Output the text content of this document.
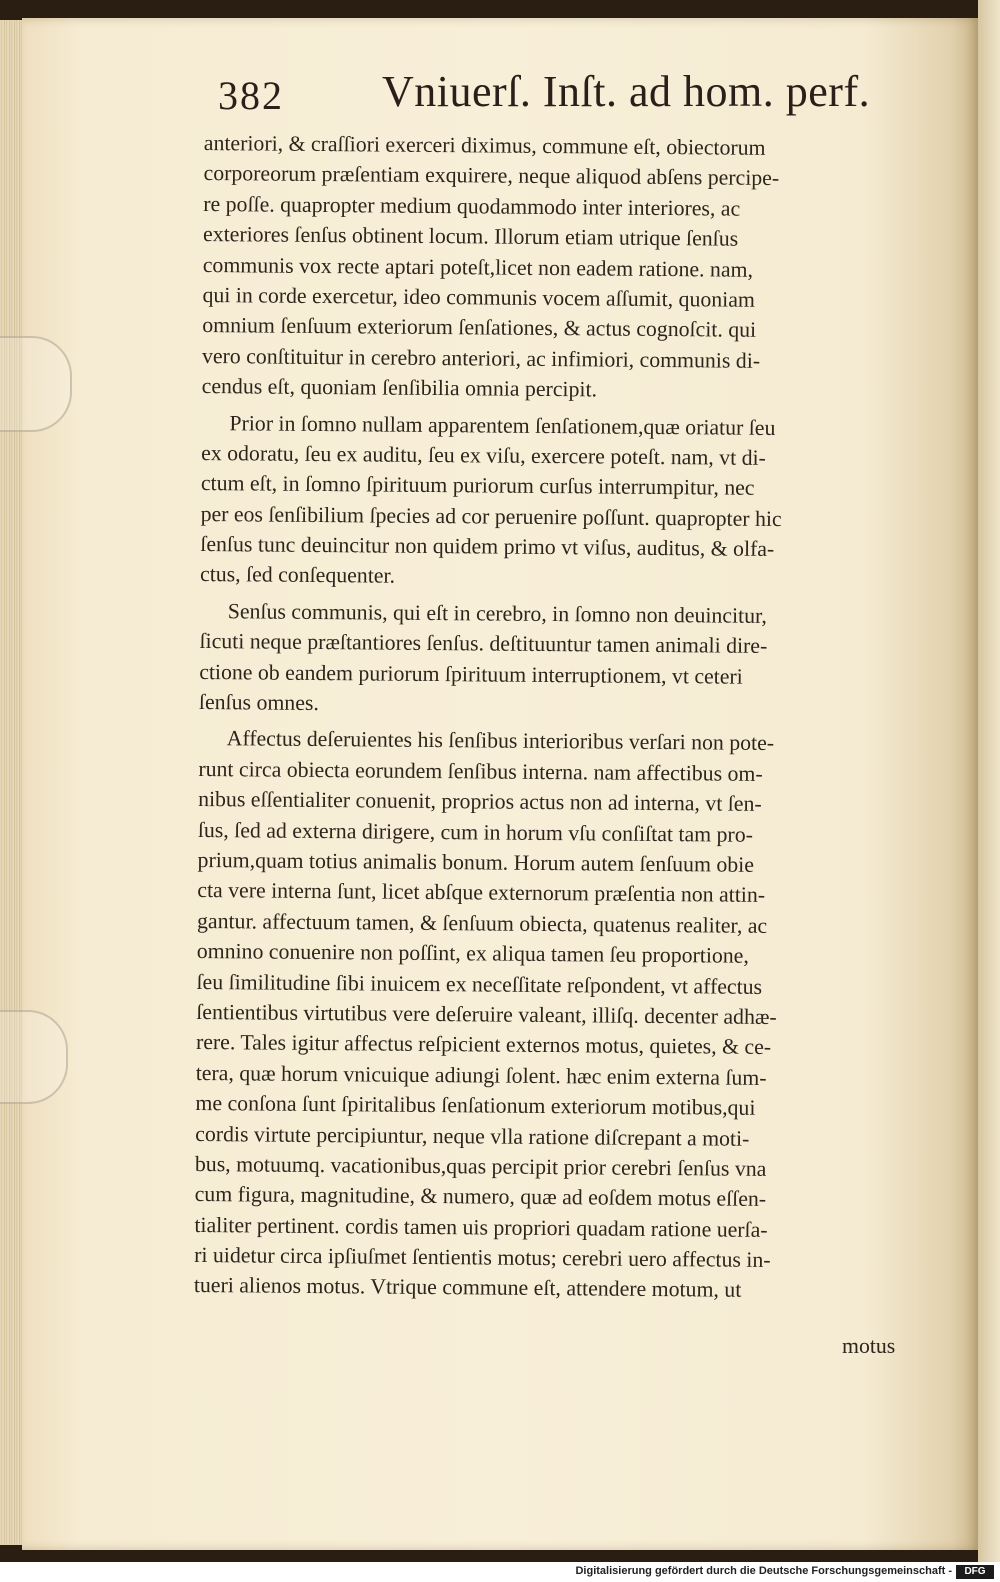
382 Vniuerſ. Inſt. ad hom. perf.
anteriori, & craſſiori exerceri diximus, commune eſt, obiectorum
corporeorum præſentiam exquirere, neque aliquod abſens percipe-
re poſſe. quapropter medium quodammodo inter interiores, ac
exteriores ſenſus obtinent locum. Illorum etiam utrique ſenſus
communis vox recte aptari poteſt,licet non eadem ratione. nam,
qui in corde exercetur, ideo communis vocem aſſumit, quoniam
omnium ſenſuum exteriorum ſenſationes, & actus cognoſcit. qui
vero conſtituitur in cerebro anteriori, ac infimiori, communis di-
cendus eſt, quoniam ſenſibilia omnia percipit.
Prior in ſomno nullam apparentem ſenſationem,quæ oriatur ſeu
ex odoratu, ſeu ex auditu, ſeu ex viſu, exercere poteſt. nam, vt di-
ctum eſt, in ſomno ſpirituum puriorum curſus interrumpitur, nec
per eos ſenſibilium ſpecies ad cor peruenire poſſunt. quapropter hic
ſenſus tunc deuincitur non quidem primo vt viſus, auditus, & olfa-
ctus, ſed conſequenter.
Senſus communis, qui eſt in cerebro, in ſomno non deuincitur,
ſicuti neque præſtantiores ſenſus. deſtituuntur tamen animali dire-
ctione ob eandem puriorum ſpirituum interruptionem, vt ceteri
ſenſus omnes.
Affectus deſeruientes his ſenſibus interioribus verſari non pote-
runt circa obiecta eorundem ſenſibus interna. nam affectibus om-
nibus eſſentialiter conuenit, proprios actus non ad interna, vt ſen-
ſus, ſed ad externa dirigere, cum in horum vſu conſiſtat tam pro-
prium,quam totius animalis bonum. Horum autem ſenſuum obie
cta vere interna ſunt, licet abſque externorum præſentia non attin-
gantur. affectuum tamen, & ſenſuum obiecta, quatenus realiter, ac
omnino conuenire non poſſint, ex aliqua tamen ſeu proportione,
ſeu ſimilitudine ſibi inuicem ex neceſſitate reſpondent, vt affectus
ſentientibus virtutibus vere deſeruire valeant, illiſq. decenter adhæ-
rere. Tales igitur affectus reſpicient externos motus, quietes, & ce-
tera, quæ horum vnicuique adiungi ſolent. hæc enim externa ſum-
me conſona ſunt ſpiritalibus ſenſationum exteriorum motibus,qui
cordis virtute percipiuntur, neque vlla ratione diſcrepant a moti-
bus, motuumq. vacationibus,quas percipit prior cerebri ſenſus vna
cum figura, magnitudine, & numero, quæ ad eoſdem motus eſſen-
tialiter pertinent. cordis tamen uis propriori quadam ratione uerſa-
ri uidetur circa ipſiuſmet ſentientis motus; cerebri uero affectus in-
tueri alienos motus. Vtrique commune eſt, attendere motum, ut
motus
Digitalisierung gefördert durch die Deutsche Forschungsgemeinschaft -	DFG
